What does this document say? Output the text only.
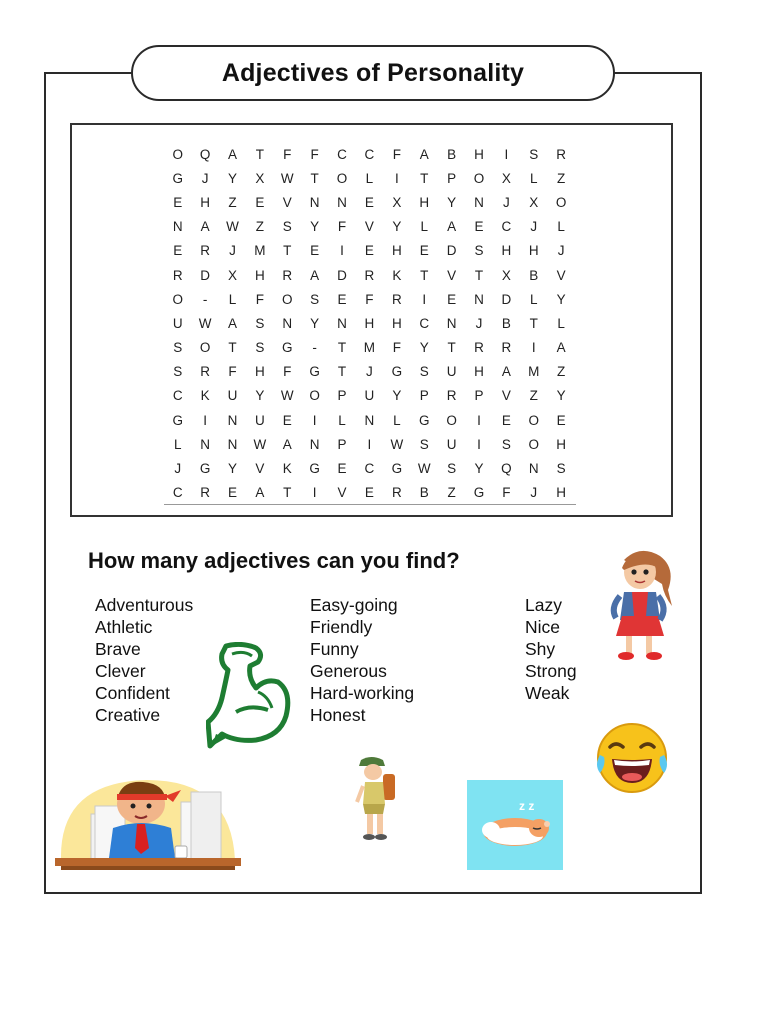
Adjectives of Personality
O	Q	A	T	F	F	C	C	F	A	B	H	I	S	R
G	J	Y	X	W	T	O	L	I	T	P	O	X	L	Z
E	H	Z	E	V	N	N	E	X	H	Y	N	J	X	O
N	A	W	Z	S	Y	F	V	Y	L	A	E	C	J	L
E	R	J	M	T	E	I	E	H	E	D	S	H	H	J
R	D	X	H	R	A	D	R	K	T	V	T	X	B	V
O	-	L	F	O	S	E	F	R	I	E	N	D	L	Y
U	W	A	S	N	Y	N	H	H	C	N	J	B	T	L
S	O	T	S	G	-	T	M	F	Y	T	R	R	I	A
S	R	F	H	F	G	T	J	G	S	U	H	A	M	Z
C	K	U	Y	W	O	P	U	Y	P	R	P	V	Z	Y
G	I	N	U	E	I	L	N	L	G	O	I	E	O	E
L	N	N	W	A	N	P	I	W	S	U	I	S	O	H
J	G	Y	V	K	G	E	C	G	W	S	Y	Q	N	S
C	R	E	A	T	I	V	E	R	B	Z	G	F	J	H
How many adjectives can you find?
Adventurous
Athletic
Brave
Clever
Confident
Creative
Easy-going
Friendly
Funny
Generous
Hard-working
Honest
Lazy
Nice
Shy
Strong
Weak
z z
